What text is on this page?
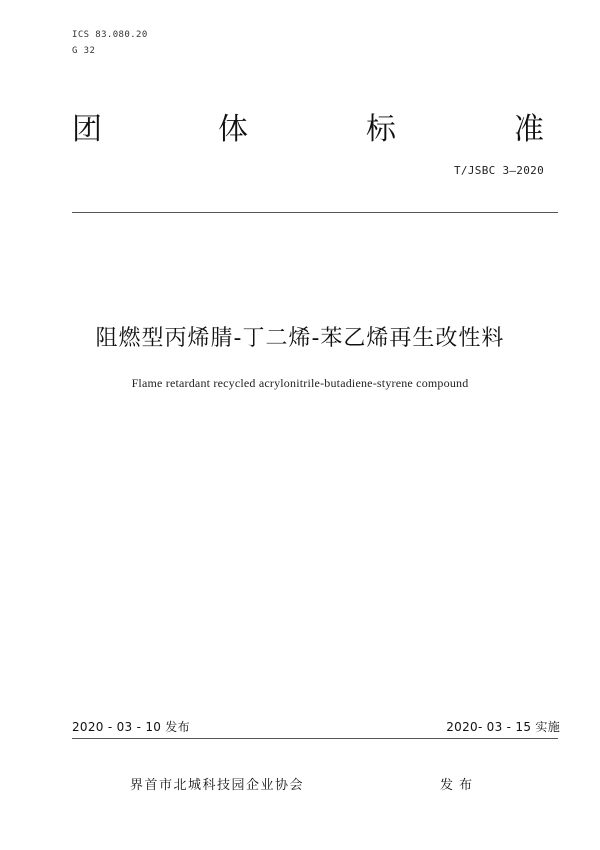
ICS 83.080.20
G 32
团	体	标	准
T/JSBC 3—2020
阻燃型丙烯腈-丁二烯-苯乙烯再生改性料
Flame retardant recycled acrylonitrile-butadiene-styrene compound
2020 - 03 - 10 发布	2020- 03 - 15 实施
界首市北城科技园企业协会	发布
